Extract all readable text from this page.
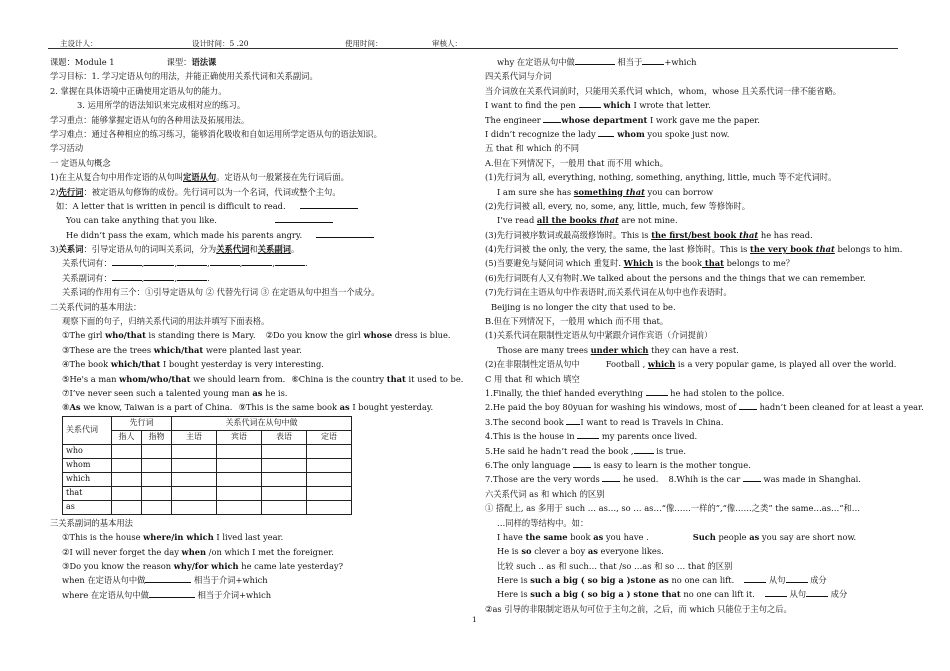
主设计人：	设计时间：5 .20	使用时间：	审核人：
课题：Module 1	课型：语法课
学习目标：1. 学习定语从句的用法，并能正确使用关系代词和关系副词。
2. 掌握在具体语境中正确使用定语从句的能力。
3. 运用所学的语法知识来完成相对应的练习。
学习重点：能够掌握定语从句的各种用法及拓展用法。
学习难点：通过各种相应的练习练习，能够消化吸收和自如运用所学定语从句的语法知识。
学习活动
一 定语从句概念
1)在主从复合句中用作定语的从句叫定语从句。定语从句一般紧接在先行词后面。
2)先行词：被定语从句修饰的成份。先行词可以为一个名词，代词或整个主句。
如：A letter that is written in pencil is difficult to read.
You can take anything that you like.
He didn’t pass the exam, which made his parents angry.
3)关系词：引导定语从句的词叫关系词，分为关系代词和关系副词。
关系代词有：	,	,	,	,	,	.
关系副词有：	,	,	.
关系词的作用有三个：①引导定语从句 ② 代替先行词 ③ 在定语从句中担当一个成分。
二关系代词的基本用法：
观察下面的句子，归纳关系代词的用法并填写下面表格。
①The girl who/that is standing there is Mary. ②Do you know the girl whose dress is blue.
③These are the trees which/that were planted last year.
④The book which/that I bought yesterday is very interesting.
⑤He's a man whom/who/that we should learn from. ⑥China is the country that it used to be.
⑦I’ve never seen such a talented young man as he is.
⑧As we know, Taiwan is a part of China. ⑨This is the same book as I bought yesterday.
关系代词	先行词		关系代词在从句中做			
	指人	指物	主语	宾语	表语	定语
who						
whom						
which						
that						
as						
三关系副词的基本用法
①This is the house where/in which I lived last year.
②I will never forget the day when /on which I met the foreigner.
③Do you know the reason why/for which he came late yesterday?
when 在定语从句中做	相当于介词+which
where 在定语从句中做	相当于介词+which
why 在定语从句中做	相当于	+which
四关系代词与介词
当介词放在关系代词前时，只能用关系代词 which，whom，whose 且关系代词一律不能省略。
I want to find the pen	which I wrote that letter.
The engineer whose department I work gave me the paper.
I didn’t recognize the lady  whom you spoke just now.
五 that 和 which 的不同
A.但在下列情况下，一般用 that 而不用 which。
(1)先行词为 all, everything, nothing, something, anything, little, much 等不定代词时。
I am sure she has something that you can borrow
(2)先行词被 all, every, no, some, any, little, much, few 等修饰时。
I’ve read all the books that are not mine.
(3)先行词被序数词或最高级修饰时。This is the first/best book that he has read.
(4)先行词被 the only, the very, the same, the last 修饰时。This is the very book that belongs to him.
(5)当要避免与疑问词 which 重复时. Which is the book that belongs to me？
(6)先行词既有人又有物时.We talked about the persons and the things that we can remember.
(7)先行词在主语从句中作表语时,而关系代词在从句中也作表语时。
Beijing is no longer the city that used to be.
B.但在下列情况下，一般用 which 而不用 that。
(1)关系代词在限制性定语从句中紧跟介词作宾语（介词提前）
Those are many trees under which they can have a rest.
(2)在非限制性定语从句中	Football , which is a very popular game, is played all over the world.
C 用 that 和 which 填空
1.Finally, the thief handed everything	he had stolen to the police.
2.He paid the boy 80yuan for washing his windows, most of  hadn’t been cleaned for at least a year.
3.The second book I want to read is Travels in China.
4.This is the house in	my parents once lived.
5.He said he hadn’t read the book , is true.
6.The only language  is easy to learn is the mother tongue.
7.Those are the very words  he used. 8.Whih is the car  was made in Shanghai.
六关系代词 as 和 which 的区别
① 搭配上, as 多用于 such … as…, so … as…“像……一样的”,“像……之类” the same…as…“和…
…同样的等结构中。如：
I have the same book as you have .	Such people as you say are short now.
He is so clever a boy as everyone likes.
比较 such .. as 和 such… that /so …as 和 so … that 的区别
Here is such a big ( so big a )stone as no one can lift.	从句	成分
Here is such a big ( so big a ) stone that no one can lift it.	从句	成分
②as 引导的非限制定语从句可位于主句之前，之后，而 which 只能位于主句之后。
1
